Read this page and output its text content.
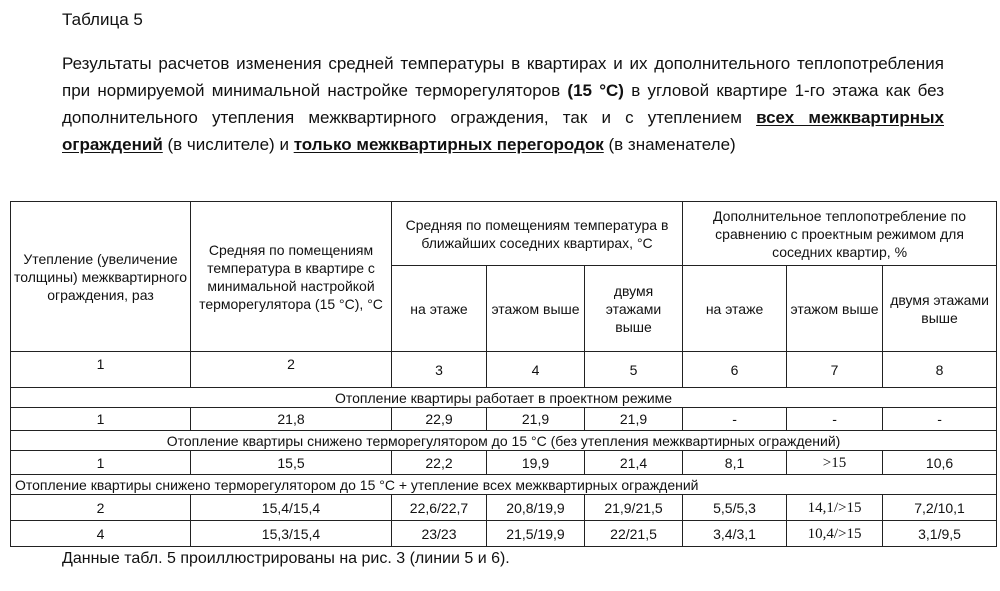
Таблица 5
Результаты расчетов изменения средней температуры в квартирах и их дополнительного теплопотребления при нормируемой минимальной настройке терморегуляторов (15 °С) в угловой квартире 1-го этажа как без дополнительного утепления межквартирного ограждения, так и с утеплением всех межквартирных ограждений (в числителе) и только межквартирных перегородок (в знаменателе)
Утепление (увеличение толщины) межквартирного ограждения, раз	Средняя по помещениям температура в квартире с минимальной настройкой терморегулятора (15 °С), °С	Средняя по помещениям температура в ближайших соседних квартирах, °С			Дополнительное теплопотребление по сравнению с проектным режимом для соседних квартир, %		
		на этаже	этажом выше	двумя этажами выше	на этаже	этажом выше	двумя этажами выше
1	2	3	4	5	6	7	8
Отопление квартиры работает в проектном режиме							
1	21,8	22,9	21,9	21,9	-	-	-
Отопление квартиры снижено терморегулятором до 15 °С (без утепления межквартирных ограждений)							
1	15,5	22,2	19,9	21,4	8,1	>15	10,6
Отопление квартиры снижено терморегулятором до 15 °С + утепление всех межквартирных ограждений							
2	15,4/15,4	22,6/22,7	20,8/19,9	21,9/21,5	5,5/5,3	14,1/>15	7,2/10,1
4	15,3/15,4	23/23	21,5/19,9	22/21,5	3,4/3,1	10,4/>15	3,1/9,5
Данные табл. 5 проиллюстрированы на рис. 3 (линии 5 и 6).
